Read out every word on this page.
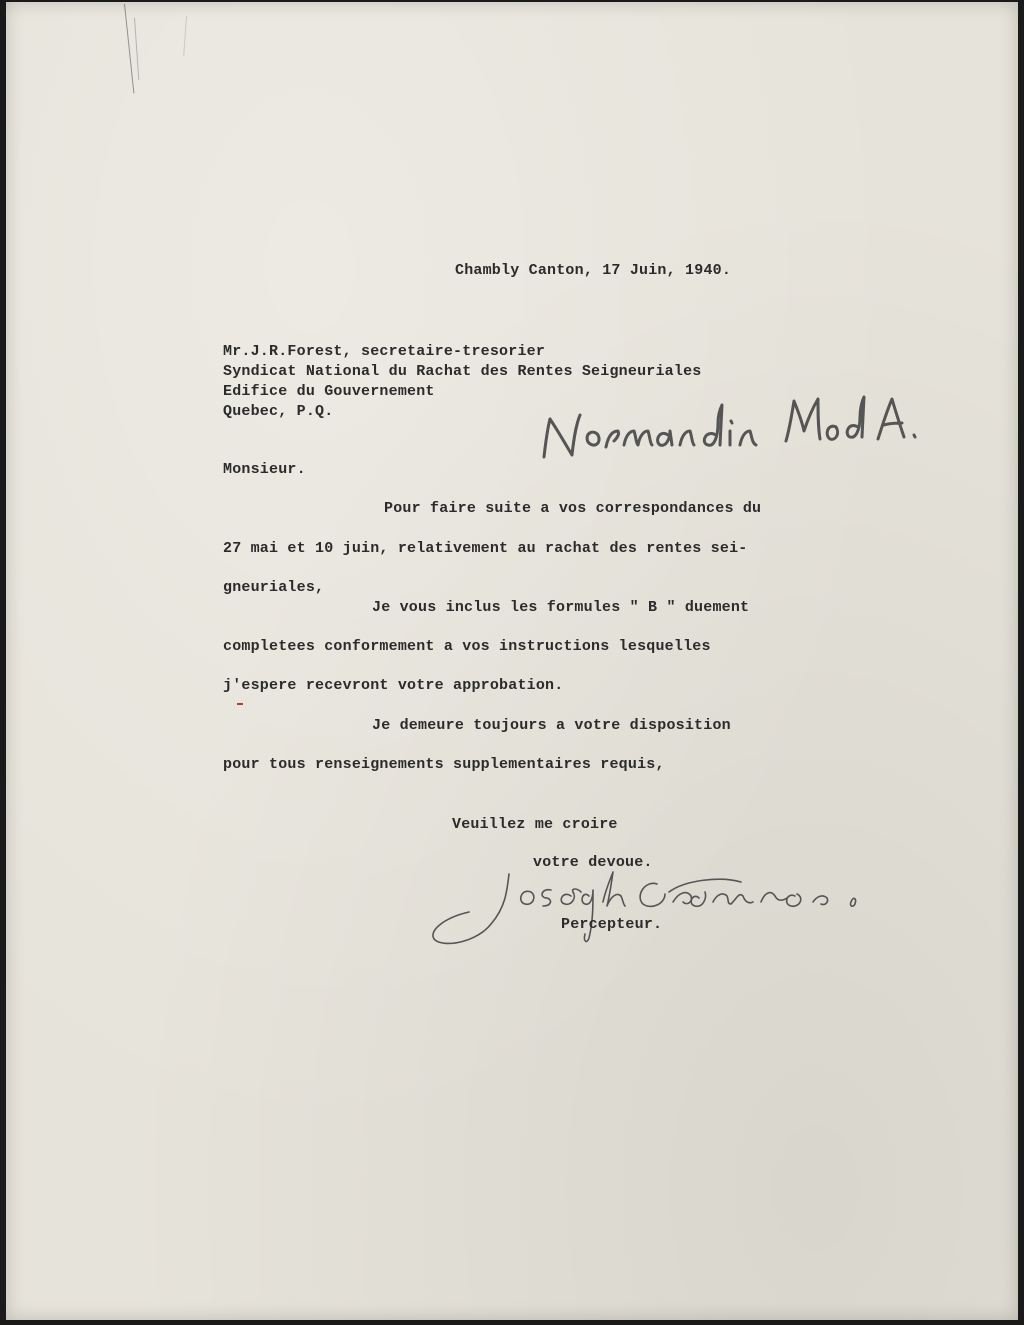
Chambly Canton, 17 Juin, 1940.

Mr.J.R.Forest, secretaire-tresorier

Syndicat National du Rachat des Rentes Seigneuriales

Edifice du Gouvernement

Quebec, P.Q.

Monsieur.

Pour faire suite a vos correspondances du

27 mai et 10 juin, relativement au rachat des rentes sei-

gneuriales,

Je vous inclus les formules " B " duement

completees conformement a vos instructions lesquelles

j'espere recevront votre approbation.

Je demeure toujours a votre disposition

pour tous renseignements supplementaires requis,

Veuillez me croire

votre devoue.

Percepteur.
